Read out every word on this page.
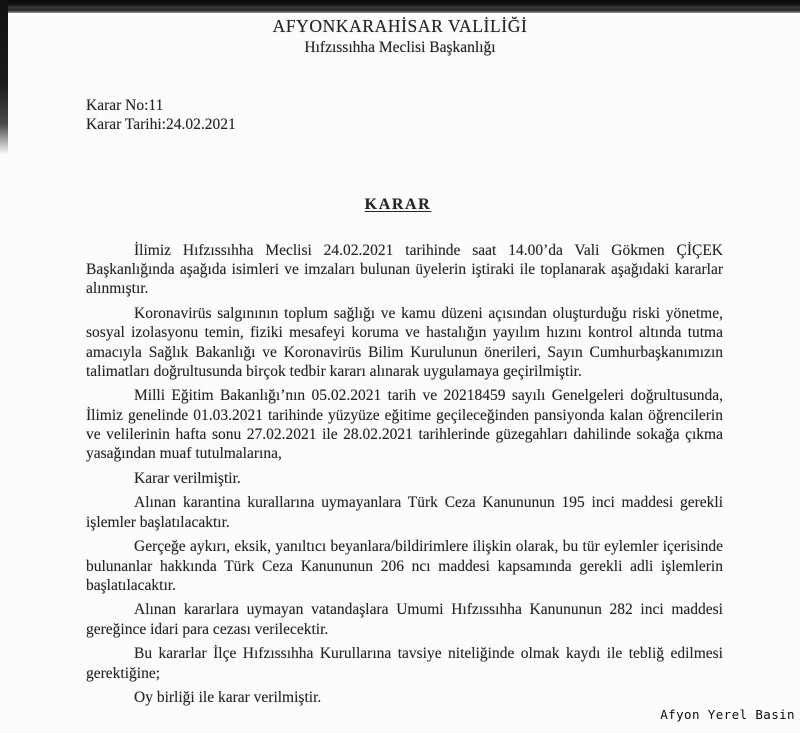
AFYONKARAHİSAR VALİLİĞİ
Hıfzıssıhha Meclisi Başkanlığı
Karar No:11
Karar Tarihi:24.02.2021
KARAR

İlimiz Hıfzıssıhha Meclisi 24.02.2021 tarihinde saat 14.00’da Vali Gökmen ÇİÇEK Başkanlığında aşağıda isimleri ve imzaları bulunan üyelerin iştiraki ile toplanarak aşağıdaki kararlar alınmıştır.

Koronavirüs salgınının toplum sağlığı ve kamu düzeni açısından oluşturduğu riski yönetme, sosyal izolasyonu temin, fiziki mesafeyi koruma ve hastalığın yayılım hızını kontrol altında tutma amacıyla Sağlık Bakanlığı ve Koronavirüs Bilim Kurulunun önerileri, Sayın Cumhurbaşkanımızın talimatları doğrultusunda birçok tedbir kararı alınarak uygulamaya geçirilmiştir.

Milli Eğitim Bakanlığı’nın 05.02.2021 tarih ve 20218459 sayılı Genelgeleri doğrultusunda, İlimiz genelinde 01.03.2021 tarihinde yüzyüze eğitime geçileceğinden pansiyonda kalan öğrencilerin ve velilerinin hafta sonu 27.02.2021 ile 28.02.2021 tarihlerinde güzegahları dahilinde sokağa çıkma yasağından muaf tutulmalarına,

Karar verilmiştir.

Alınan karantina kurallarına uymayanlara Türk Ceza Kanununun 195 inci maddesi gerekli işlemler başlatılacaktır.

Gerçeğe aykırı, eksik, yanıltıcı beyanlara/bildirimlere ilişkin olarak, bu tür eylemler içerisinde bulunanlar hakkında Türk Ceza Kanununun 206 ncı maddesi kapsamında gerekli adli işlemlerin başlatılacaktır.

Alınan kararlara uymayan vatandaşlara Umumi Hıfzıssıhha Kanununun 282 inci maddesi gereğince idari para cezası verilecektir.

Bu kararlar İlçe Hıfzıssıhha Kurullarına tavsiye niteliğinde olmak kaydı ile tebliğ edilmesi gerektiğine;

Oy birliği ile karar verilmiştir.

Afyon Yerel Basin
